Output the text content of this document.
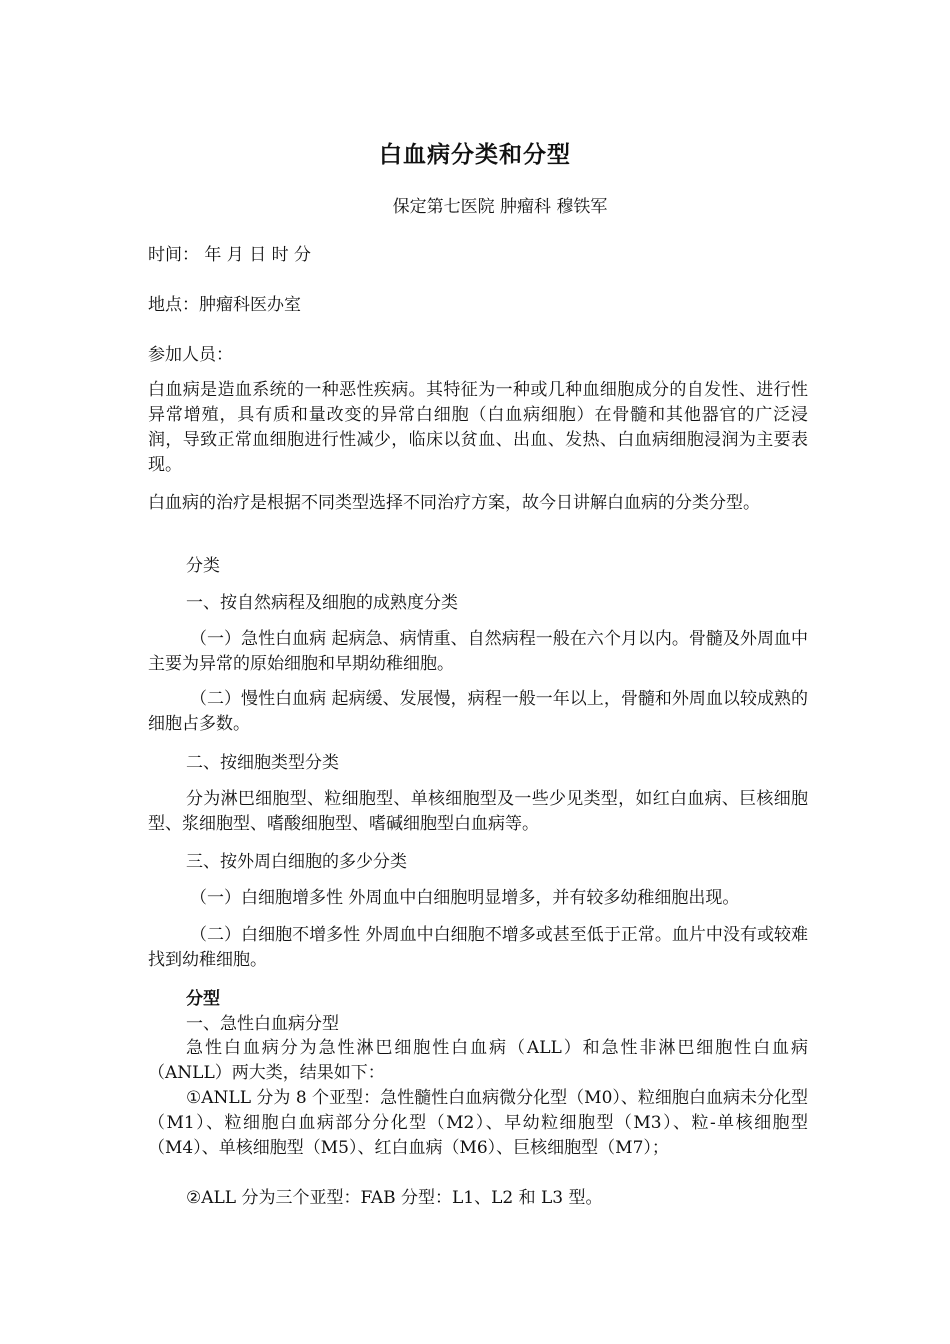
白血病分类和分型
保定第七医院 肿瘤科 穆铁军
时间： 年 月 日 时 分
地点：肿瘤科医办室
参加人员：
白血病是造血系统的一种恶性疾病。其特征为一种或几种血细胞成分的自发性、进行性异常增殖，具有质和量改变的异常白细胞（白血病细胞）在骨髓和其他器官的广泛浸润，导致正常血细胞进行性减少，临床以贫血、出血、发热、白血病细胞浸润为主要表现。
白血病的治疗是根据不同类型选择不同治疗方案，故今日讲解白血病的分类分型。
分类
一、按自然病程及细胞的成熟度分类
（一）急性白血病 起病急、病情重、自然病程一般在六个月以内。骨髓及外周血中主要为异常的原始细胞和早期幼稚细胞。
（二）慢性白血病 起病缓、发展慢，病程一般一年以上，骨髓和外周血以较成熟的细胞占多数。
二、按细胞类型分类
分为淋巴细胞型、粒细胞型、单核细胞型及一些少见类型，如红白血病、巨核细胞型、浆细胞型、嗜酸细胞型、嗜碱细胞型白血病等。
三、按外周白细胞的多少分类
（一）白细胞增多性 外周血中白细胞明显增多，并有较多幼稚细胞出现。
（二）白细胞不增多性 外周血中白细胞不增多或甚至低于正常。血片中没有或较难找到幼稚细胞。
分型
一、急性白血病分型
急性白血病分为急性淋巴细胞性白血病（ALL）和急性非淋巴细胞性白血病（ANLL）两大类，结果如下：
①ANLL 分为 8 个亚型：急性髓性白血病微分化型（M0）、粒细胞白血病未分化型（M1）、粒细胞白血病部分分化型（M2）、早幼粒细胞型（M3）、粒-单核细胞型（M4）、单核细胞型（M5）、红白血病（M6）、巨核细胞型（M7）；
②ALL 分为三个亚型：FAB 分型：L1、L2 和 L3 型。
